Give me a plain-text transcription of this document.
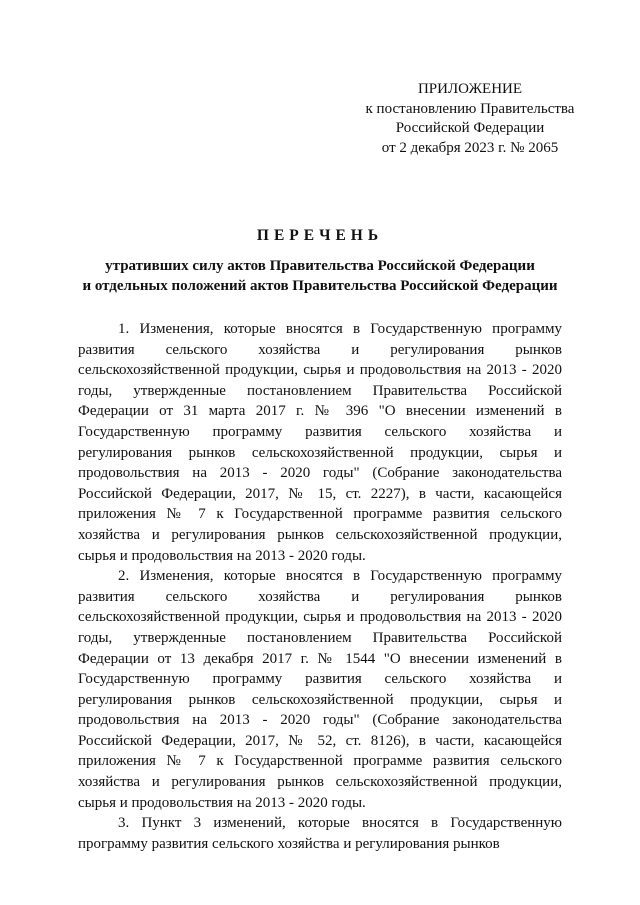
ПРИЛОЖЕНИЕ
к постановлению Правительства
Российской Федерации
от 2 декабря 2023 г. № 2065
ПЕРЕЧЕНЬ
утративших силу актов Правительства Российской Федерации
и отдельных положений актов Правительства Российской Федерации

1. Изменения, которые вносятся в Государственную программу развития сельского хозяйства и регулирования рынков сельскохозяйственной продукции, сырья и продовольствия на 2013 - 2020 годы, утвержденные постановлением Правительства Российской Федерации от 31 марта 2017 г. № 396 "О внесении изменений в Государственную программу развития сельского хозяйства и регулирования рынков сельскохозяйственной продукции, сырья и продовольствия на 2013 - 2020 годы" (Собрание законодательства Российской Федерации, 2017, № 15, ст. 2227), в части, касающейся приложения № 7 к Государственной программе развития сельского хозяйства и регулирования рынков сельскохозяйственной продукции, сырья и продовольствия на 2013 - 2020 годы.

2. Изменения, которые вносятся в Государственную программу развития сельского хозяйства и регулирования рынков сельскохозяйственной продукции, сырья и продовольствия на 2013 - 2020 годы, утвержденные постановлением Правительства Российской Федерации от 13 декабря 2017 г. № 1544 "О внесении изменений в Государственную программу развития сельского хозяйства и регулирования рынков сельскохозяйственной продукции, сырья и продовольствия на 2013 - 2020 годы" (Собрание законодательства Российской Федерации, 2017, № 52, ст. 8126), в части, касающейся приложения № 7 к Государственной программе развития сельского хозяйства и регулирования рынков сельскохозяйственной продукции, сырья и продовольствия на 2013 - 2020 годы.

3. Пункт 3 изменений, которые вносятся в Государственную программу развития сельского хозяйства и регулирования рынков
